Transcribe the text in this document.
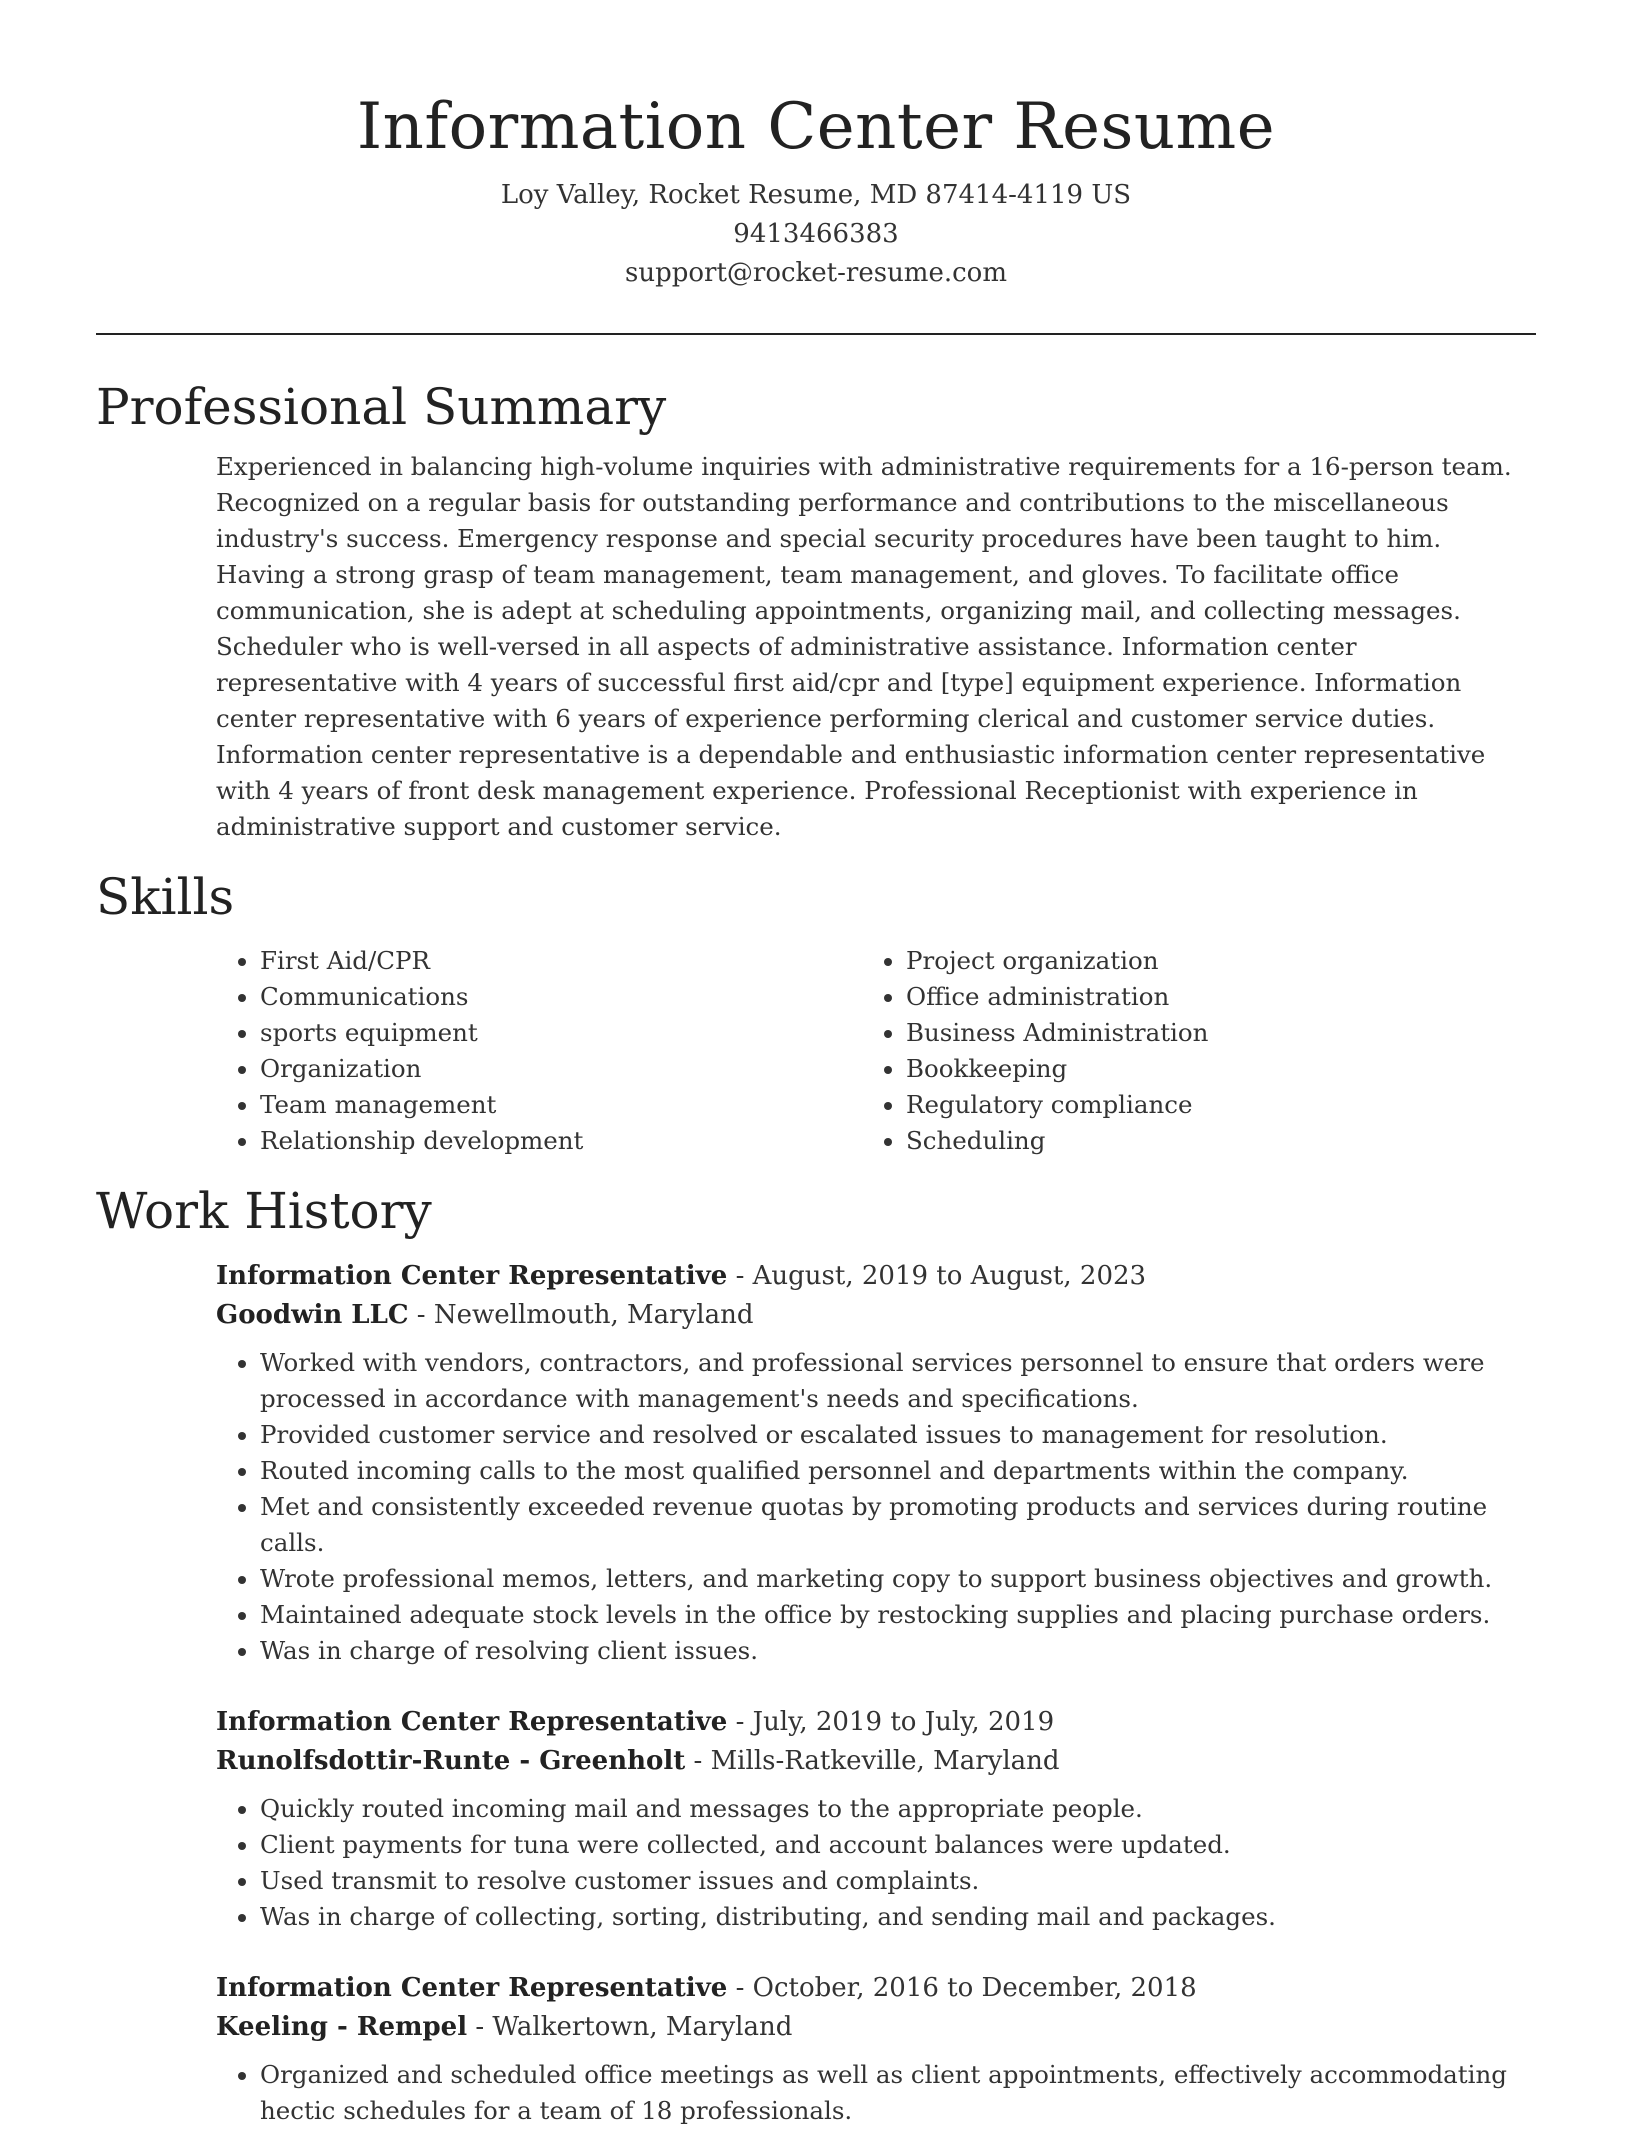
Information Center Resume
Loy Valley, Rocket Resume, MD 87414-4119 US
9413466383
support@rocket-resume.com
Professional Summary

Experienced in balancing high-volume inquiries with administrative requirements for a 16-person team. Recognized on a regular basis for outstanding performance and contributions to the miscellaneous industry's success. Emergency response and special security procedures have been taught to him. Having a strong grasp of team management, team management, and gloves. To facilitate office communication, she is adept at scheduling appointments, organizing mail, and collecting messages. Scheduler who is well-versed in all aspects of administrative assistance. Information center representative with 4 years of successful first aid/cpr and [type] equipment experience. Information center representative with 6 years of experience performing clerical and customer service duties. Information center representative is a dependable and enthusiastic information center representative with 4 years of front desk management experience. Professional Receptionist with experience in administrative support and customer service.

Skills
• First Aid/CPR
• Communications
• sports equipment
• Organization
• Team management
• Relationship development
• Project organization
• Office administration
• Business Administration
• Bookkeeping
• Regulatory compliance
• Scheduling
Work History
Information Center Representative - August, 2019 to August, 2023
Goodwin LLC - Newellmouth, Maryland
• Worked with vendors, contractors, and professional services personnel to ensure that orders were processed in accordance with management's needs and specifications.
• Provided customer service and resolved or escalated issues to management for resolution.
• Routed incoming calls to the most qualified personnel and departments within the company.
• Met and consistently exceeded revenue quotas by promoting products and services during routine calls.
• Wrote professional memos, letters, and marketing copy to support business objectives and growth.
• Maintained adequate stock levels in the office by restocking supplies and placing purchase orders.
• Was in charge of resolving client issues.
Information Center Representative - July, 2019 to July, 2019
Runolfsdottir-Runte - Greenholt - Mills-Ratkeville, Maryland
• Quickly routed incoming mail and messages to the appropriate people.
• Client payments for tuna were collected, and account balances were updated.
• Used transmit to resolve customer issues and complaints.
• Was in charge of collecting, sorting, distributing, and sending mail and packages.
Information Center Representative - October, 2016 to December, 2018
Keeling - Rempel - Walkertown, Maryland
• Organized and scheduled office meetings as well as client appointments, effectively accommodating hectic schedules for a team of 18 professionals.
